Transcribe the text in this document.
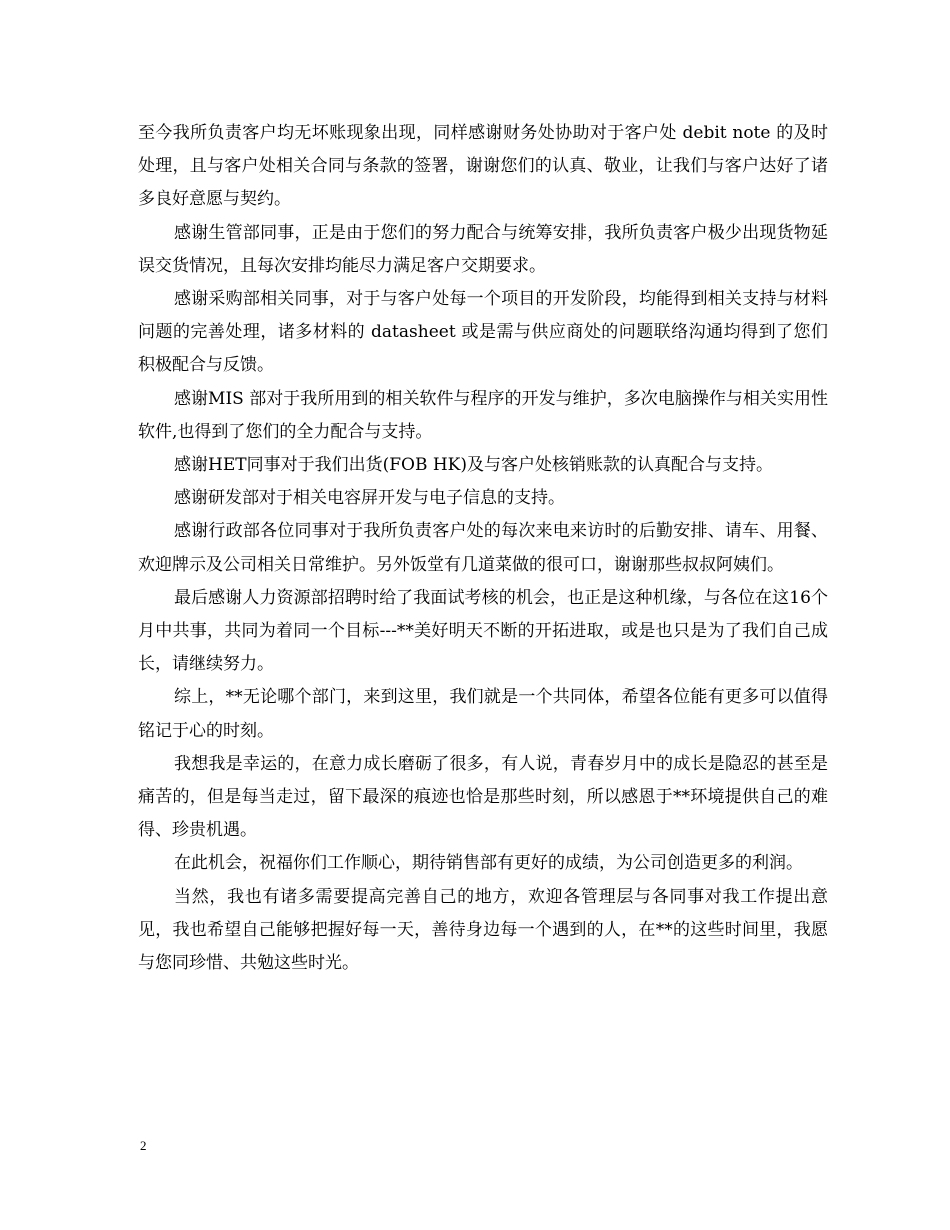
至今我所负责客户均无坏账现象出现，同样感谢财务处协助对于客户处 debit note 的及时处理，且与客户处相关合同与条款的签署，谢谢您们的认真、敬业，让我们与客户达好了诸多良好意愿与契约。

感谢生管部同事，正是由于您们的努力配合与统筹安排，我所负责客户极少出现货物延误交货情况，且每次安排均能尽力满足客户交期要求。

感谢采购部相关同事，对于与客户处每一个项目的开发阶段，均能得到相关支持与材料问题的完善处理，诸多材料的 datasheet 或是需与供应商处的问题联络沟通均得到了您们积极配合与反馈。

感谢MIS 部对于我所用到的相关软件与程序的开发与维护，多次电脑操作与相关实用性软件,也得到了您们的全力配合与支持。

感谢HET同事对于我们出货(FOB HK)及与客户处核销账款的认真配合与支持。

感谢研发部对于相关电容屏开发与电子信息的支持。

感谢行政部各位同事对于我所负责客户处的每次来电来访时的后勤安排、请车、用餐、欢迎牌示及公司相关日常维护。另外饭堂有几道菜做的很可口，谢谢那些叔叔阿姨们。

最后感谢人力资源部招聘时给了我面试考核的机会，也正是这种机缘，与各位在这16个月中共事，共同为着同一个目标---**美好明天不断的开拓进取，或是也只是为了我们自己成长，请继续努力。

综上，**无论哪个部门，来到这里，我们就是一个共同体，希望各位能有更多可以值得铭记于心的时刻。

我想我是幸运的，在意力成长磨砺了很多，有人说，青春岁月中的成长是隐忍的甚至是痛苦的，但是每当走过，留下最深的痕迹也恰是那些时刻，所以感恩于**环境提供自己的难得、珍贵机遇。

在此机会，祝福你们工作顺心，期待销售部有更好的成绩，为公司创造更多的利润。

当然，我也有诸多需要提高完善自己的地方，欢迎各管理层与各同事对我工作提出意见，我也希望自己能够把握好每一天，善待身边每一个遇到的人，在**的这些时间里，我愿与您同珍惜、共勉这些时光。

2
